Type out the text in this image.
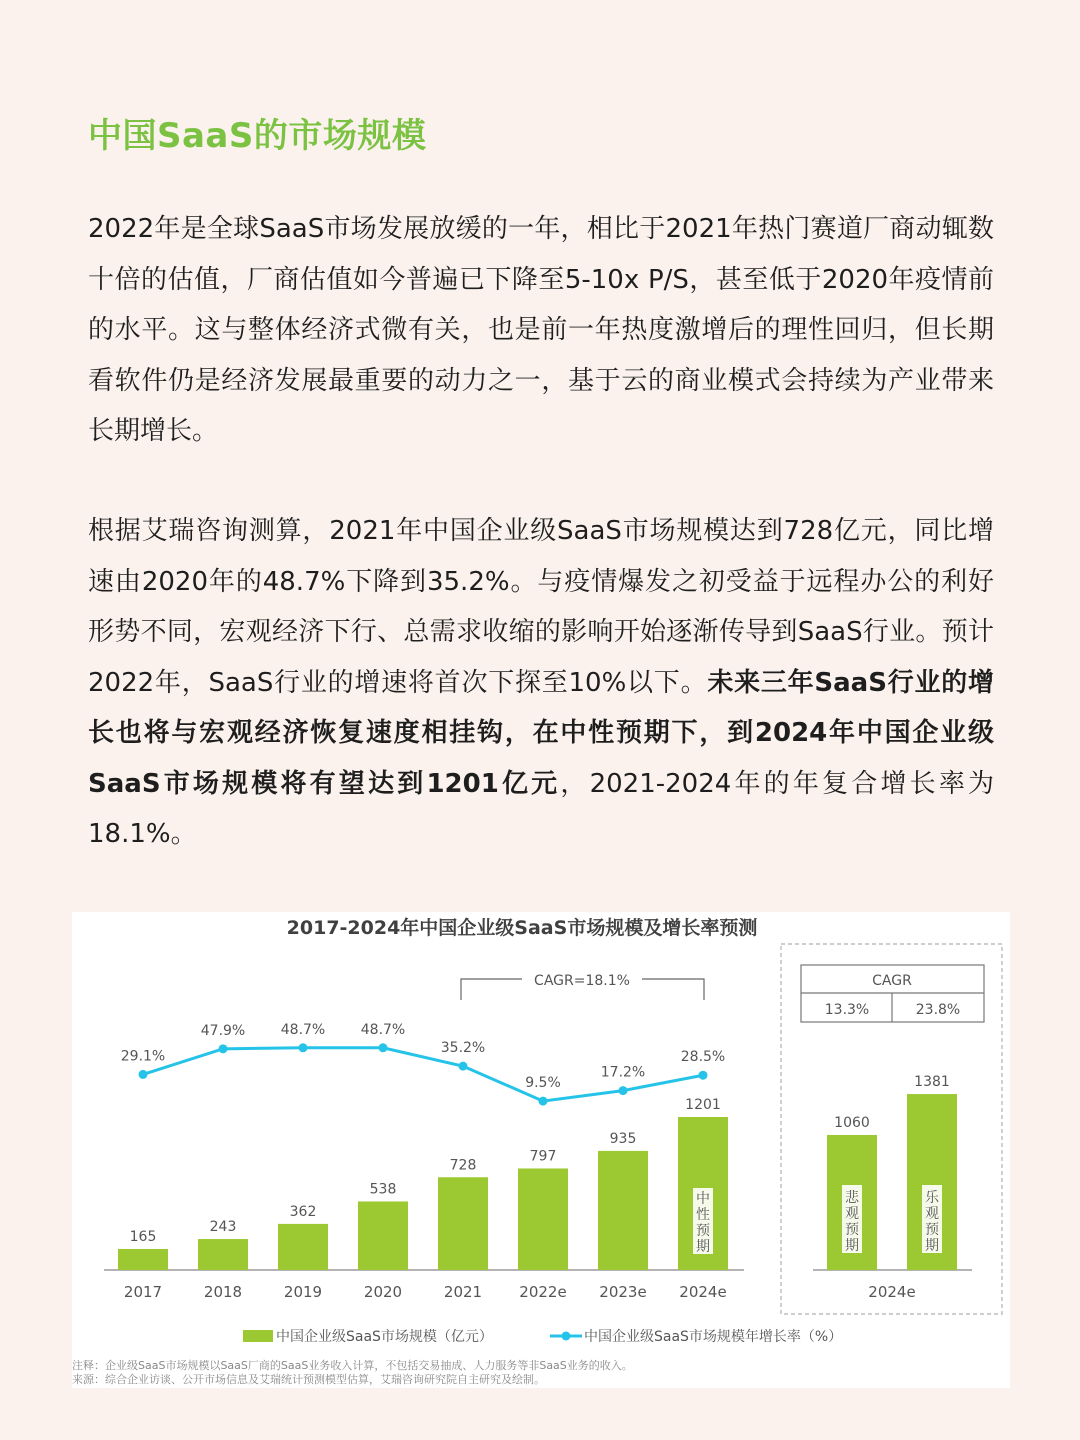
中国SaaS的市场规模

2022年是全球SaaS市场发展放缓的一年，相比于2021年热门赛道厂商动辄数十倍的估值，厂商估值如今普遍已下降至5-10x P/S，甚至低于2020年疫情前的水平。这与整体经济式微有关，也是前一年热度激增后的理性回归，但长期看软件仍是经济发展最重要的动力之一，基于云的商业模式会持续为产业带来长期增长。

根据艾瑞咨询测算，2021年中国企业级SaaS市场规模达到728亿元，同比增速由2020年的48.7%下降到35.2%。与疫情爆发之初受益于远程办公的利好形势不同，宏观经济下行、总需求收缩的影响开始逐渐传导到SaaS行业。预计2022年，SaaS行业的增速将首次下探至10%以下。未来三年SaaS行业的增长也将与宏观经济恢复速度相挂钩，在中性预期下，到2024年中国企业级SaaS市场规模将有望达到1201亿元，2021-2024年的年复合增长率为18.1%。

2017-2024年中国企业级SaaS市场规模及增长率预测
CAGR=18.1%
165
2017
243
2018
362
2019
538
2020
728
2021
797
2022e
935
2023e
1201
2024e
中
性
预
期
29.1%
47.9%	48.7%	48.7%
35.2%
9.5%
17.2%
28.5%
CAGR
13.3%	23.8%
1060
悲
观
预
期
1381
乐
观
预
期
2024e
中国企业级SaaS市场规模（亿元）	中国企业级SaaS市场规模年增长率（%）
注释：企业级SaaS市场规模以SaaS厂商的SaaS业务收入计算，不包括交易抽成、人力服务等非SaaS业务的收入。
来源：综合企业访谈、公开市场信息及艾瑞统计预测模型估算，艾瑞咨询研究院自主研究及绘制。
